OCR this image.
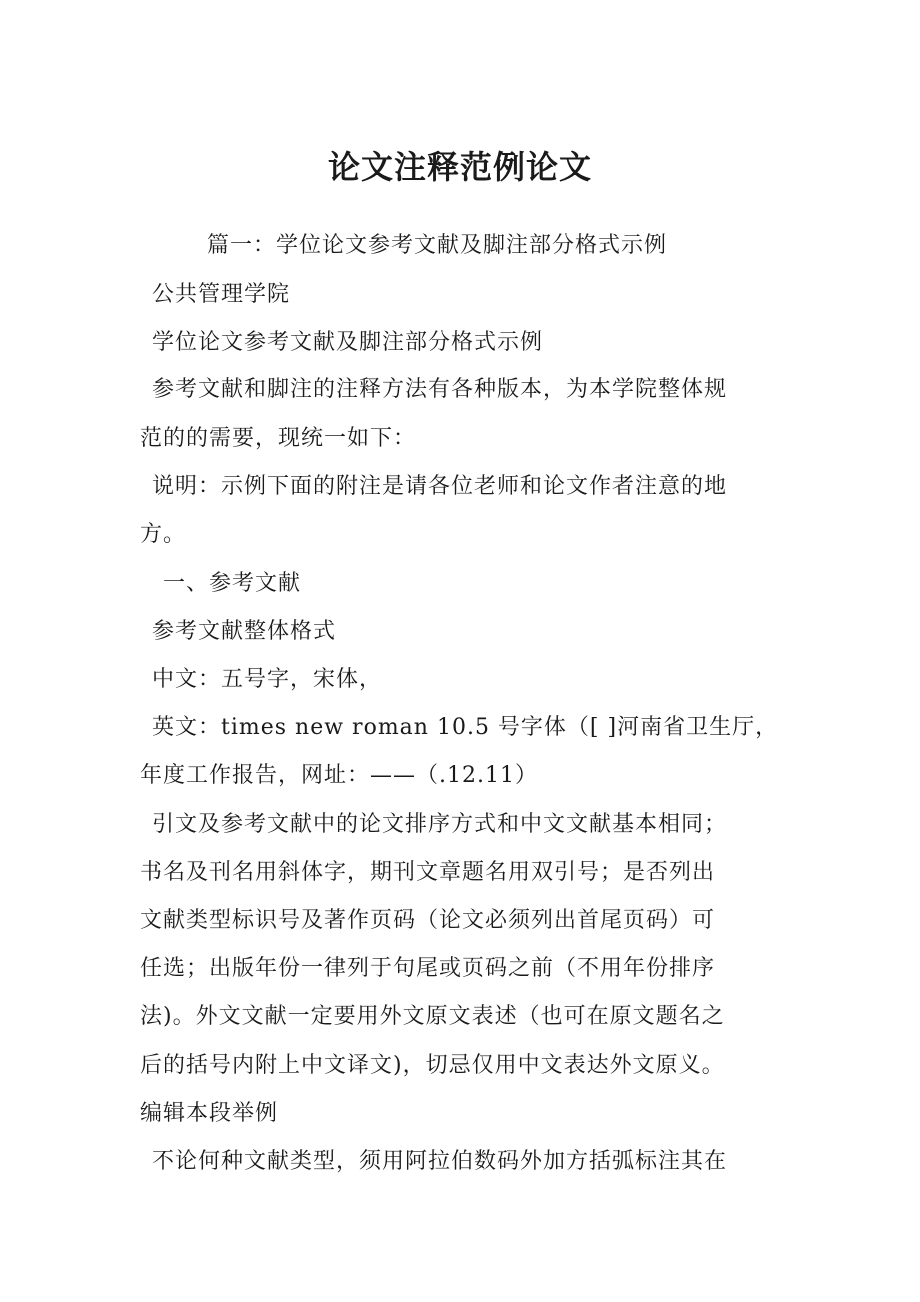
论文注释范例论文
篇一：学位论文参考文献及脚注部分格式示例
公共管理学院
学位论文参考文献及脚注部分格式示例
参考文献和脚注的注释方法有各种版本，为本学院整体规
范的的需要，现统一如下：
说明：示例下面的附注是请各位老师和论文作者注意的地
方。
一、参考文献
参考文献整体格式
中文：五号字，宋体，
英文：times new roman 10.5 号字体（[ ]河南省卫生厅，
年度工作报告，网址：——（.12.11）
引文及参考文献中的论文排序方式和中文文献基本相同；
书名及刊名用斜体字，期刊文章题名用双引号；是否列出
文献类型标识号及著作页码（论文必须列出首尾页码）可
任选；出版年份一律列于句尾或页码之前（不用年份排序
法)。外文文献一定要用外文原文表述（也可在原文题名之
后的括号内附上中文译文)，切忌仅用中文表达外文原义。
编辑本段举例
不论何种文献类型，须用阿拉伯数码外加方括弧标注其在
